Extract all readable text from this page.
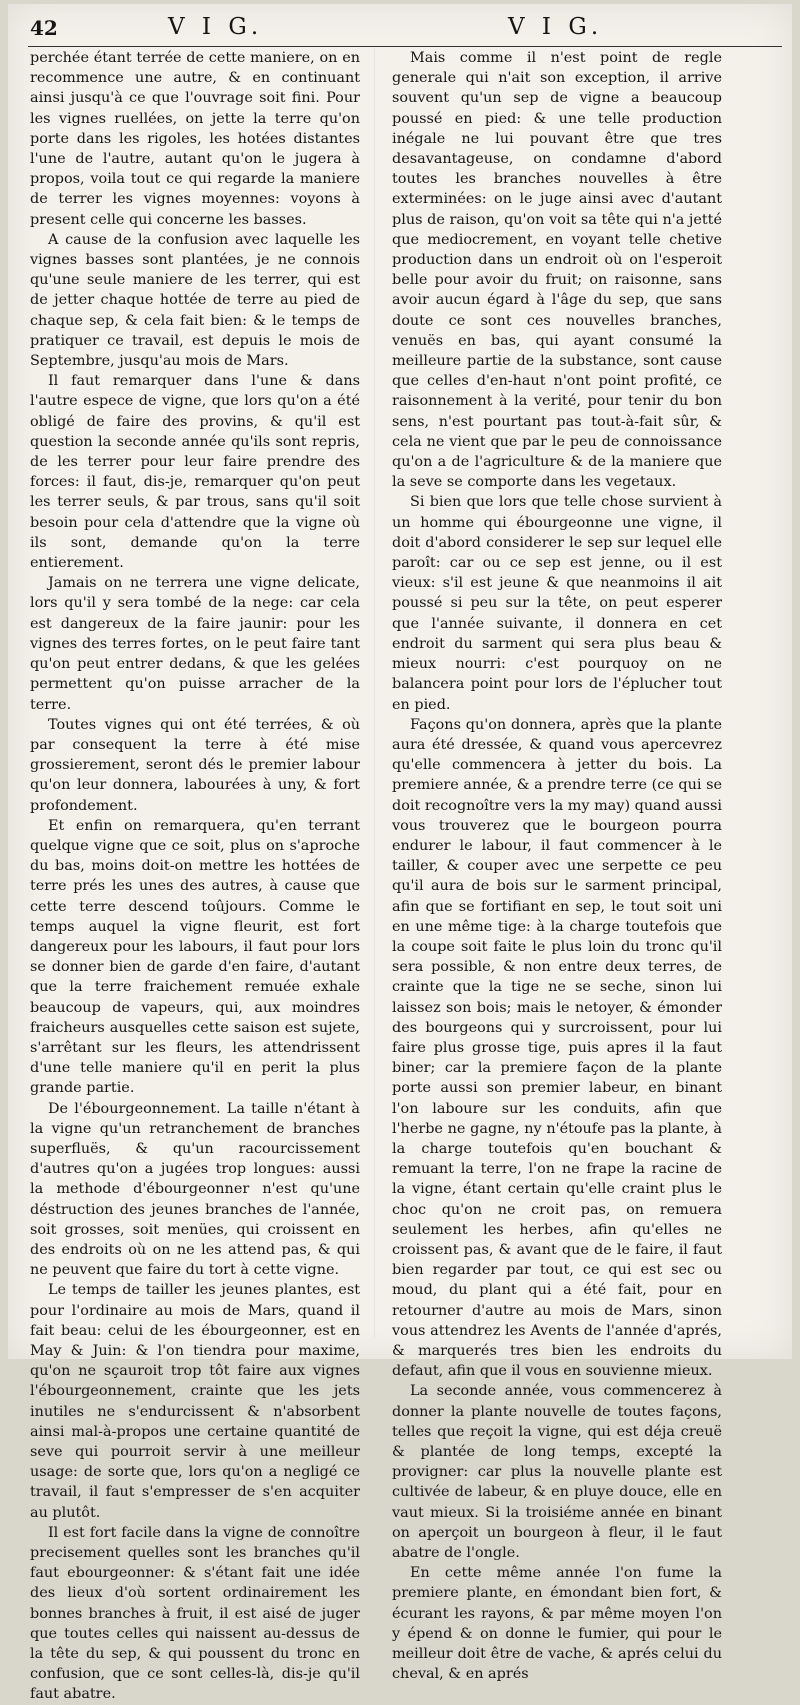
42	V I G.	V I G.

perchée étant terrée de cette maniere, on en recommence une autre, & en continuant ainsi jusqu'à ce que l'ouvrage soit fini. Pour les vignes ruellées, on jette la terre qu'on porte dans les rigoles, les hotées distantes l'une de l'autre, autant qu'on le jugera à propos, voila tout ce qui regarde la maniere de terrer les vignes moyennes: voyons à present celle qui concerne les basses.

A cause de la confusion avec laquelle les vignes basses sont plantées, je ne connois qu'une seule maniere de les terrer, qui est de jetter chaque hottée de terre au pied de chaque sep, & cela fait bien: & le temps de pratiquer ce travail, est depuis le mois de Septembre, jusqu'au mois de Mars.

Il faut remarquer dans l'une & dans l'autre espece de vigne, que lors qu'on a été obligé de faire des provins, & qu'il est question la seconde année qu'ils sont repris, de les terrer pour leur faire prendre des forces: il faut, dis-je, remarquer qu'on peut les terrer seuls, & par trous, sans qu'il soit besoin pour cela d'attendre que la vigne où ils sont, demande qu'on la terre entierement.

Jamais on ne terrera une vigne delicate, lors qu'il y sera tombé de la nege: car cela est dangereux de la faire jaunir: pour les vignes des terres fortes, on le peut faire tant qu'on peut entrer dedans, & que les gelées permettent qu'on puisse arracher de la terre.

Toutes vignes qui ont été terrées, & où par consequent la terre à été mise grossierement, seront dés le premier labour qu'on leur donnera, labourées à uny, & fort profondement.

Et enfin on remarquera, qu'en terrant quelque vigne que ce soit, plus on s'aproche du bas, moins doit-on mettre les hottées de terre prés les unes des autres, à cause que cette terre descend toûjours. Comme le temps auquel la vigne fleurit, est fort dangereux pour les labours, il faut pour lors se donner bien de garde d'en faire, d'autant que la terre fraichement remuée exhale beaucoup de vapeurs, qui, aux moindres fraicheurs ausquelles cette saison est sujete, s'arrêtant sur les fleurs, les attendrissent d'une telle maniere qu'il en perit la plus grande partie.

De l'ébourgeonnement. La taille n'étant à la vigne qu'un retranchement de branches superfluës, & qu'un racourcissement d'autres qu'on a jugées trop longues: aussi la methode d'ébourgeonner n'est qu'une déstruction des jeunes branches de l'année, soit grosses, soit menües, qui croissent en des endroits où on ne les attend pas, & qui ne peuvent que faire du tort à cette vigne.

Le temps de tailler les jeunes plantes, est pour l'ordinaire au mois de Mars, quand il fait beau: celui de les ébourgeonner, est en May & Juin: & l'on tiendra pour maxime, qu'on ne sçauroit trop tôt faire aux vignes l'ébourgeonnement, crainte que les jets inutiles ne s'endurcissent & n'absorbent ainsi mal-à-propos une certaine quantité de seve qui pourroit servir à une meilleur usage: de sorte que, lors qu'on a negligé ce travail, il faut s'empresser de s'en acquiter au plutôt.

Il est fort facile dans la vigne de connoître precisement quelles sont les branches qu'il faut ebourgeonner: & s'étant fait une idée des lieux d'où sortent ordinairement les bonnes branches à fruit, il est aisé de juger que toutes celles qui naissent au-dessus de la tête du sep, & qui poussent du tronc en confusion, que ce sont celles-là, dis-je qu'il faut abatre.

Mais comme il n'est point de regle generale qui n'ait son exception, il arrive souvent qu'un sep de vigne a beaucoup poussé en pied: & une telle production inégale ne lui pouvant être que tres desavantageuse, on condamne d'abord toutes les branches nouvelles à être exterminées: on le juge ainsi avec d'autant plus de raison, qu'on voit sa tête qui n'a jetté que mediocrement, en voyant telle chetive production dans un endroit où on l'esperoit belle pour avoir du fruit; on raisonne, sans avoir aucun égard à l'âge du sep, que sans doute ce sont ces nouvelles branches, venuës en bas, qui ayant consumé la meilleure partie de la substance, sont cause que celles d'en-haut n'ont point profité, ce raisonnement à la verité, pour tenir du bon sens, n'est pourtant pas tout-à-fait sûr, & cela ne vient que par le peu de connoissance qu'on a de l'agriculture & de la maniere que la seve se comporte dans les vegetaux.

Si bien que lors que telle chose survient à un homme qui ébourgeonne une vigne, il doit d'abord considerer le sep sur lequel elle paroît: car ou ce sep est jenne, ou il est vieux: s'il est jeune & que neanmoins il ait poussé si peu sur la tête, on peut esperer que l'année suivante, il donnera en cet endroit du sarment qui sera plus beau & mieux nourri: c'est pourquoy on ne balancera point pour lors de l'éplucher tout en pied.

Façons qu'on donnera, après que la plante aura été dressée, & quand vous apercevrez qu'elle commencera à jetter du bois. La premiere année, & a prendre terre (ce qui se doit recognoître vers la my may) quand aussi vous trouverez que le bourgeon pourra endurer le labour, il faut commencer à le tailler, & couper avec une serpette ce peu qu'il aura de bois sur le sarment principal, afin que se fortifiant en sep, le tout soit uni en une même tige: à la charge toutefois que la coupe soit faite le plus loin du tronc qu'il sera possible, & non entre deux terres, de crainte que la tige ne se seche, sinon lui laissez son bois; mais le netoyer, & émonder des bourgeons qui y surcroissent, pour lui faire plus grosse tige, puis apres il la faut biner; car la premiere façon de la plante porte aussi son premier labeur, en binant l'on laboure sur les conduits, afin que l'herbe ne gagne, ny n'étoufe pas la plante, à la charge toutefois qu'en bouchant & remuant la terre, l'on ne frape la racine de la vigne, étant certain qu'elle craint plus le choc qu'on ne croit pas, on remuera seulement les herbes, afin qu'elles ne croissent pas, & avant que de le faire, il faut bien regarder par tout, ce qui est sec ou moud, du plant qui a été fait, pour en retourner d'autre au mois de Mars, sinon vous attendrez les Avents de l'année d'aprés, & marquerés tres bien les endroits du defaut, afin que il vous en souvienne mieux.

La seconde année, vous commencerez à donner la plante nouvelle de toutes façons, telles que reçoit la vigne, qui est déja creuë & plantée de long temps, excepté la provigner: car plus la nouvelle plante est cultivée de labeur, & en pluye douce, elle en vaut mieux. Si la troisiéme année en binant on aperçoit un bourgeon à fleur, il le faut abatre de l'ongle.

En cette même année l'on fume la premiere plante, en émondant bien fort, & écurant les rayons, & par même moyen l'on y épend & on donne le fumier, qui pour le meilleur doit être de vache, & aprés celui du cheval, & en aprés
